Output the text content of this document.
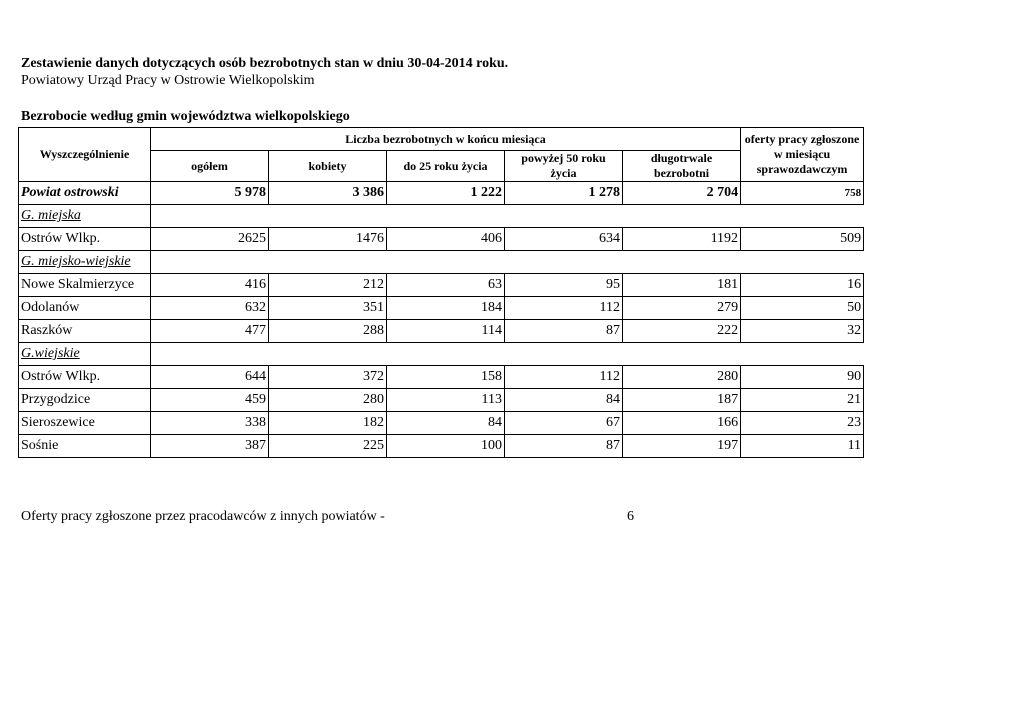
Zestawienie danych dotyczących osób bezrobotnych stan w dniu 30-04-2014 roku.
Powiatowy Urząd Pracy w Ostrowie Wielkopolskim
Bezrobocie według gmin województwa wielkopolskiego
Wyszczególnienie	Liczba bezrobotnych w końcu miesiąca					oferty pracy zgłoszone w miesiącu sprawozdawczym
	ogółem	kobiety	do 25 roku życia	powyżej 50 roku życia	długotrwale bezrobotni	
Powiat ostrowski	5 978	3 386	1 222	1 278	2 704	758
G. miejska						
Ostrów Wlkp.	2625	1476	406	634	1192	509
G. miejsko-wiejskie						
Nowe Skalmierzyce	416	212	63	95	181	16
Odolanów	632	351	184	112	279	50
Raszków	477	288	114	87	222	32
G.wiejskie						
Ostrów Wlkp.	644	372	158	112	280	90
Przygodzice	459	280	113	84	187	21
Sieroszewice	338	182	84	67	166	23
Sośnie	387	225	100	87	197	11
Oferty pracy zgłoszone przez pracodawców z innych powiatów -	6
